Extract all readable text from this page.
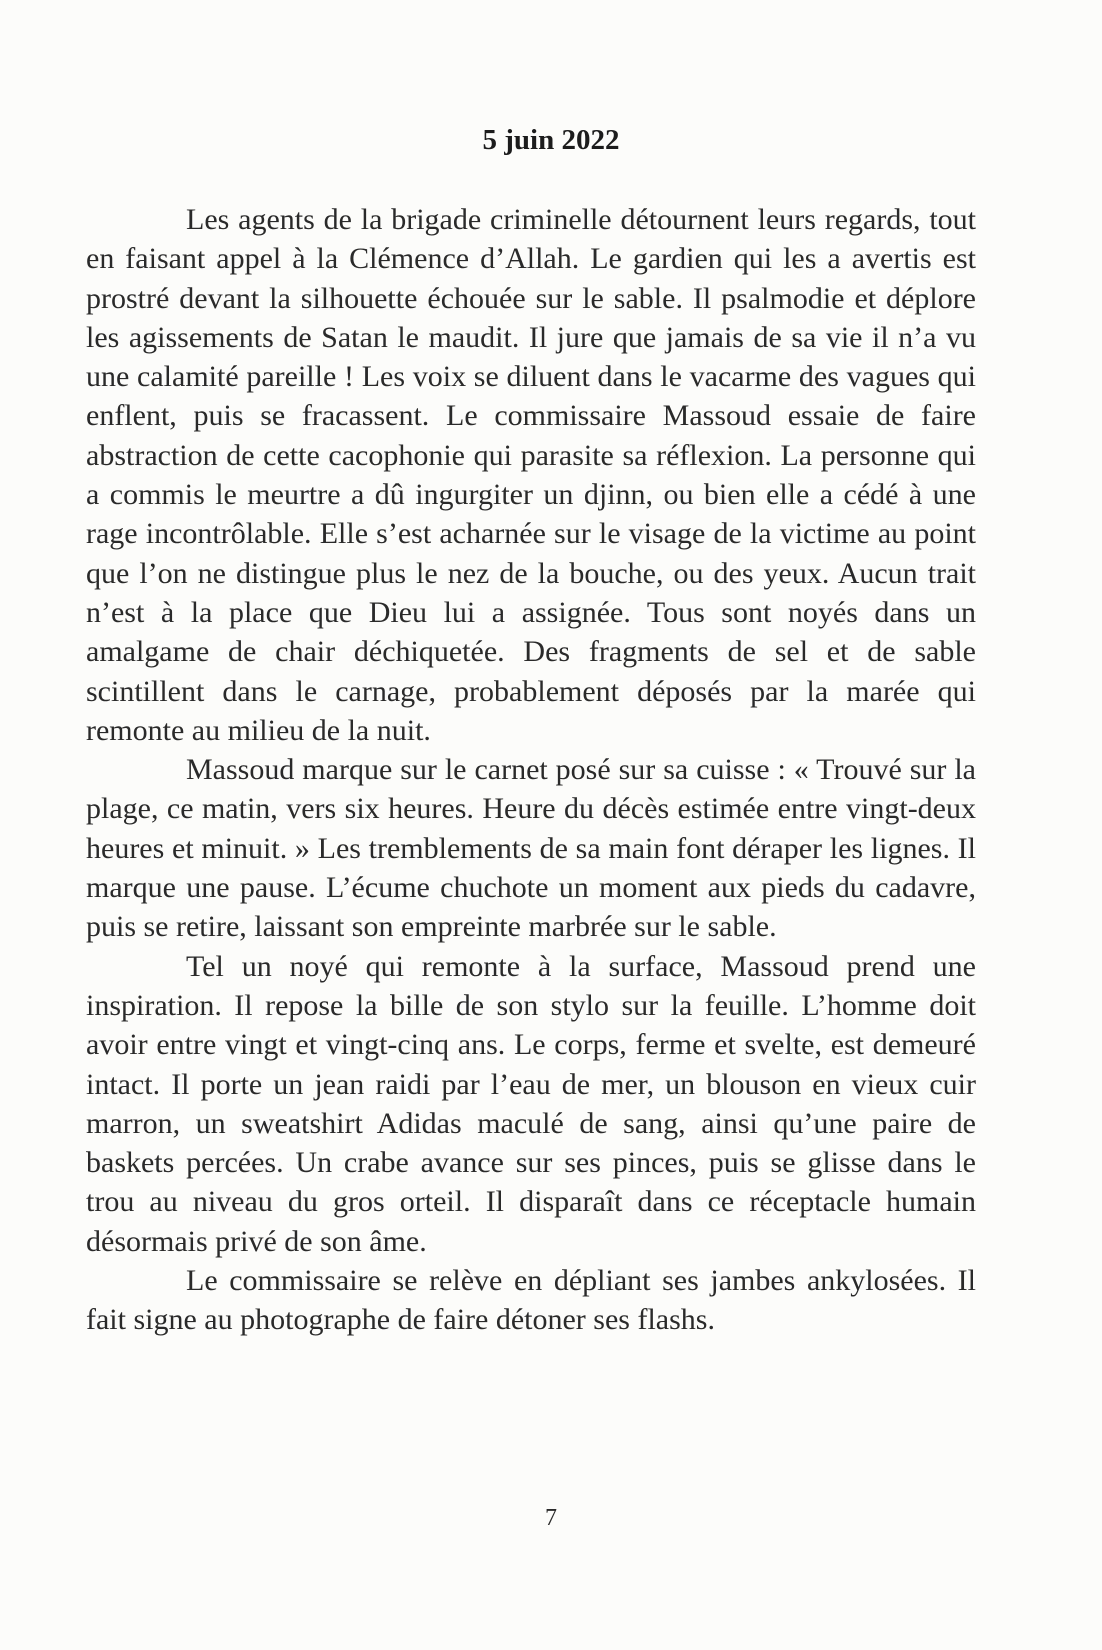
5 juin 2022

Les agents de la brigade criminelle détournent leurs regards, tout en faisant appel à la Clémence d’Allah. Le gardien qui les a avertis est prostré devant la silhouette échouée sur le sable. Il psalmodie et déplore les agissements de Satan le maudit. Il jure que jamais de sa vie il n’a vu une calamité pareille ! Les voix se diluent dans le vacarme des vagues qui enflent, puis se fracassent. Le commissaire Massoud essaie de faire abstraction de cette cacophonie qui parasite sa réflexion. La personne qui a commis le meurtre a dû ingurgiter un djinn, ou bien elle a cédé à une rage incontrôlable. Elle s’est acharnée sur le visage de la victime au point que l’on ne distingue plus le nez de la bouche, ou des yeux. Aucun trait n’est à la place que Dieu lui a assignée. Tous sont noyés dans un amalgame de chair déchiquetée. Des fragments de sel et de sable scintillent dans le carnage, probablement déposés par la marée qui remonte au milieu de la nuit.

Massoud marque sur le carnet posé sur sa cuisse : « Trouvé sur la plage, ce matin, vers six heures. Heure du décès estimée entre vingt-deux heures et minuit. » Les tremblements de sa main font déraper les lignes. Il marque une pause. L’écume chuchote un moment aux pieds du cadavre, puis se retire, laissant son empreinte marbrée sur le sable.

Tel un noyé qui remonte à la surface, Massoud prend une inspiration. Il repose la bille de son stylo sur la feuille. L’homme doit avoir entre vingt et vingt-cinq ans. Le corps, ferme et svelte, est demeuré intact. Il porte un jean raidi par l’eau de mer, un blouson en vieux cuir marron, un sweatshirt Adidas maculé de sang, ainsi qu’une paire de baskets percées. Un crabe avance sur ses pinces, puis se glisse dans le trou au niveau du gros orteil. Il disparaît dans ce réceptacle humain désormais privé de son âme.

Le commissaire se relève en dépliant ses jambes ankylosées. Il fait signe au photographe de faire détoner ses flashs.

7
